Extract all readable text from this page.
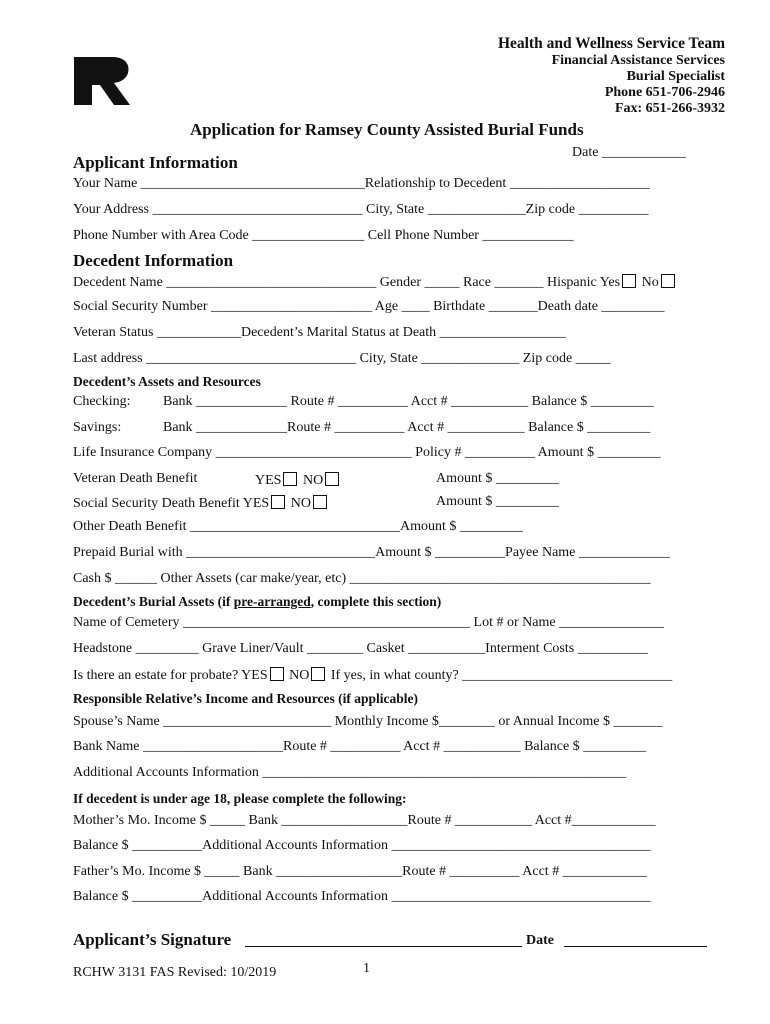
Health and Wellness Service Team
Financial Assistance Services
Burial Specialist
Phone 651-706-2946
Fax: 651-266-3932
Application for Ramsey County Assisted Burial Funds
Date ____________
Applicant Information
Your Name ________________________________Relationship to Decedent ____________________
Your Address ______________________________ City, State ______________Zip code __________
Phone Number with Area Code ________________ Cell Phone Number _____________
Decedent Information
Decedent Name ______________________________ Gender _____ Race _______ Hispanic Yes No
Social Security Number _______________________ Age ____ Birthdate _______Death date _________
Veteran Status ____________Decedent’s Marital Status at Death __________________
Last address ______________________________ City, State ______________ Zip code _____
Decedent’s Assets and Resources
Checking: Bank _____________ Route # __________ Acct # ___________ Balance $ _________
Savings:	Bank _____________Route # __________ Acct # ___________ Balance $ _________
Life Insurance Company ____________________________ Policy # __________ Amount $ _________
Veteran Death Benefit	YES NO	Amount $ _________
Social Security Death Benefit YES NO	Amount $ _________
Other Death Benefit ______________________________Amount $ _________
Prepaid Burial with ___________________________Amount $ __________Payee Name _____________
Cash $ ______ Other Assets (car make/year, etc) ___________________________________________
Decedent’s Burial Assets (if pre-arranged, complete this section)
Name of Cemetery _________________________________________ Lot # or Name _______________
Headstone _________ Grave Liner/Vault ________ Casket ___________Interment Costs __________
Is there an estate for probate? YES NO If yes, in what county? ______________________________
Responsible Relative’s Income and Resources (if applicable)
Spouse’s Name ________________________ Monthly Income $________ or Annual Income $ _______
Bank Name ____________________Route # __________ Acct # ___________ Balance $ _________
Additional Accounts Information ____________________________________________________
If decedent is under age 18, please complete the following:
Mother’s Mo. Income $ _____ Bank __________________Route # ___________ Acct #____________
Balance $ __________Additional Accounts Information _____________________________________
Father’s Mo. Income $ _____ Bank __________________Route # __________ Acct # ____________
Balance $ __________Additional Accounts Information _____________________________________
Applicant’s Signature	Date
RCHW 3131 FAS Revised: 10/2019	1
